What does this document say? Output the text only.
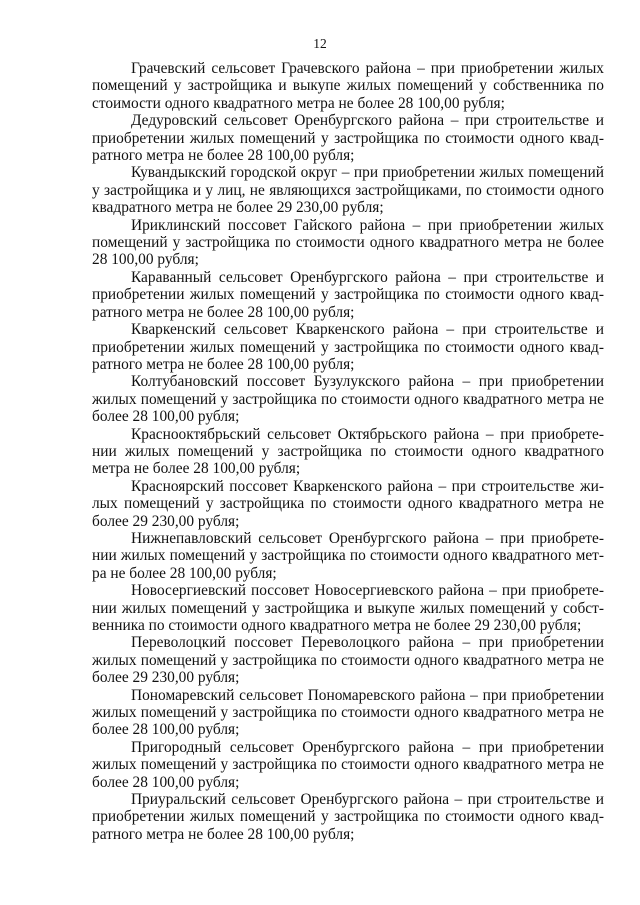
12

Грачевский сельсовет Грачевского района – при приобретении жилых
помещений у застройщика и выкупе жилых помещений у собственника по
стоимости одного квадратного метра не более 28 100,00 рубля;

Дедуровский сельсовет Оренбургского района – при строительстве и
приобретении жилых помещений у застройщика по стоимости одного квад-
ратного метра не более 28 100,00 рубля;

Кувандыкский городской округ – при приобретении жилых помещений
у застройщика и у лиц, не являющихся застройщиками, по стоимости одного
квадратного метра не более 29 230,00 рубля;

Ириклинский поссовет Гайского района – при приобретении жилых
помещений у застройщика по стоимости одного квадратного метра не более
28 100,00 рубля;

Караванный сельсовет Оренбургского района – при строительстве и
приобретении жилых помещений у застройщика по стоимости одного квад-
ратного метра не более 28 100,00 рубля;

Кваркенский сельсовет Кваркенского района – при строительстве и
приобретении жилых помещений у застройщика по стоимости одного квад-
ратного метра не более 28 100,00 рубля;

Колтубановский поссовет Бузулукского района – при приобретении
жилых помещений у застройщика по стоимости одного квадратного метра не
более 28 100,00 рубля;

Краснооктябрьский сельсовет Октябрьского района – при приобрете-
нии жилых помещений у застройщика по стоимости одного квадратного
метра не более 28 100,00 рубля;

Красноярский поссовет Кваркенского района – при строительстве жи-
лых помещений у застройщика по стоимости одного квадратного метра не
более 29 230,00 рубля;

Нижнепавловский сельсовет Оренбургского района – при приобрете-
нии жилых помещений у застройщика по стоимости одного квадратного мет-
ра не более 28 100,00 рубля;

Новосергиевский поссовет Новосергиевского района – при приобрете-
нии жилых помещений у застройщика и выкупе жилых помещений у собст-
венника по стоимости одного квадратного метра не более 29 230,00 рубля;

Переволоцкий поссовет Переволоцкого района – при приобретении
жилых помещений у застройщика по стоимости одного квадратного метра не
более 29 230,00 рубля;

Пономаревский сельсовет Пономаревского района – при приобретении
жилых помещений у застройщика по стоимости одного квадратного метра не
более 28 100,00 рубля;

Пригородный сельсовет Оренбургского района – при приобретении
жилых помещений у застройщика по стоимости одного квадратного метра не
более 28 100,00 рубля;

Приуральский сельсовет Оренбургского района – при строительстве и
приобретении жилых помещений у застройщика по стоимости одного квад-
ратного метра не более 28 100,00 рубля;
